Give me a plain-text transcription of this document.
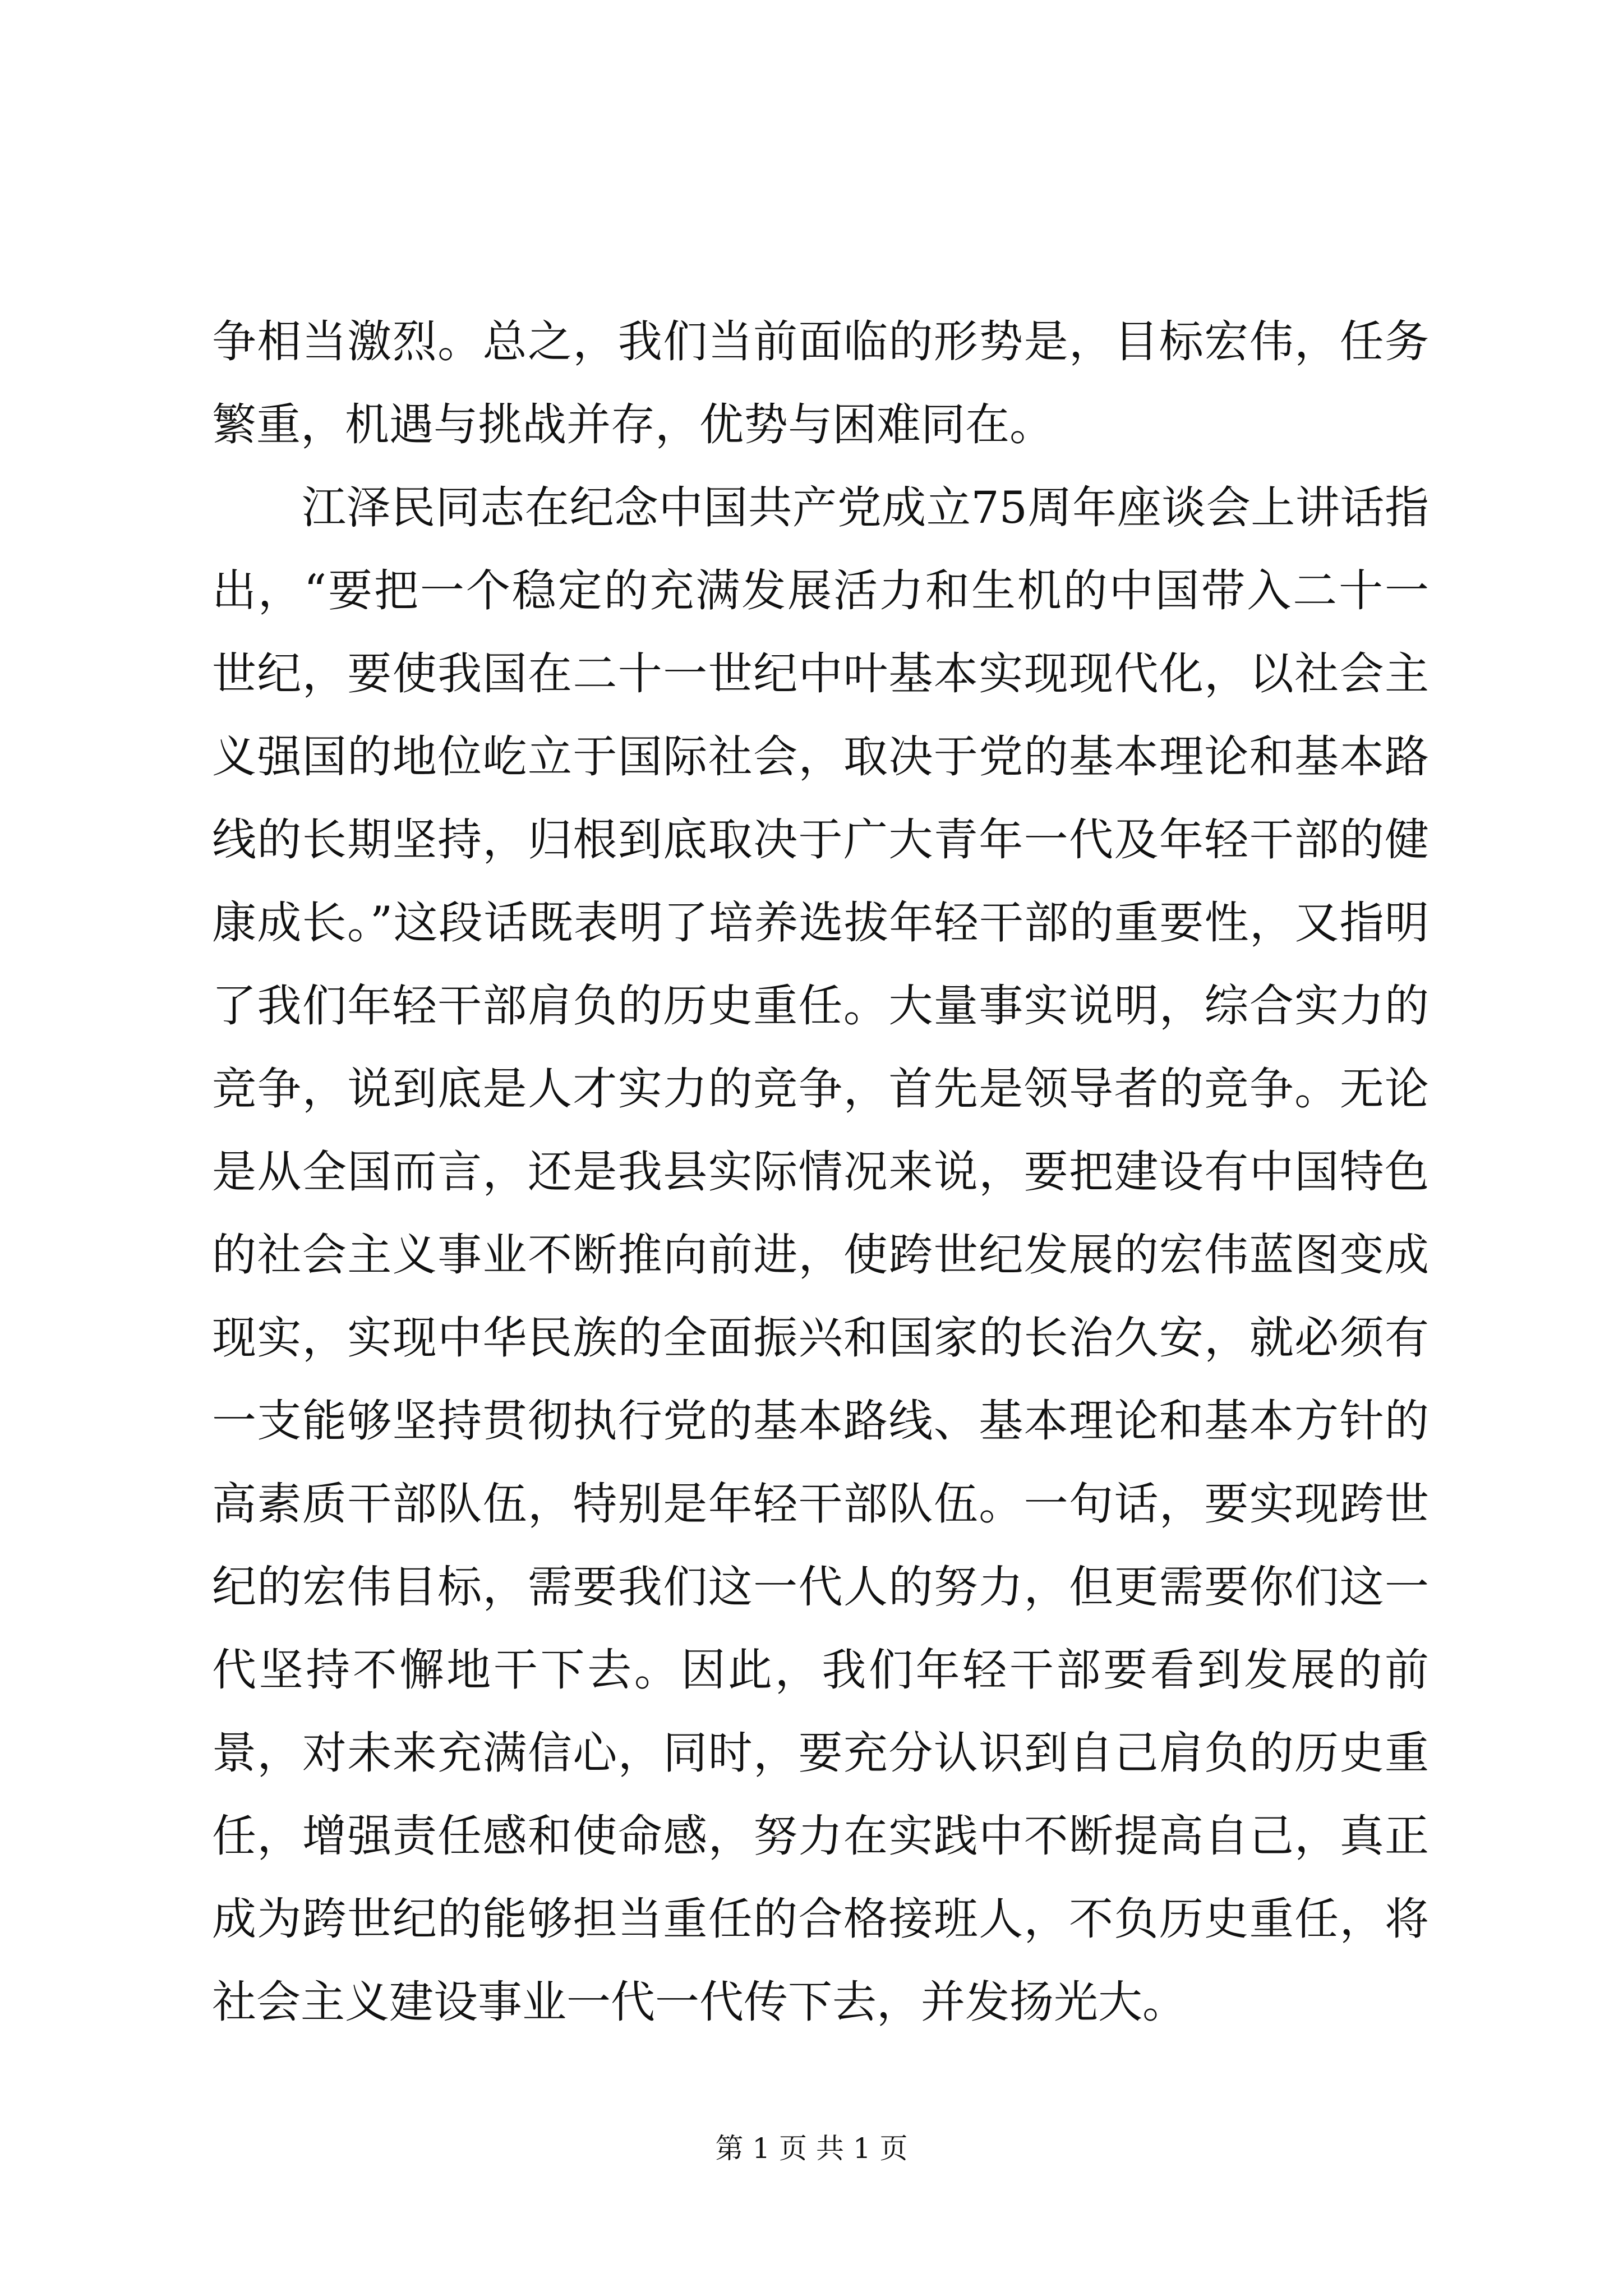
争相当激烈。总之，我们当前面临的形势是，目标宏伟，任务繁重，机遇与挑战并存，优势与困难同在。

江泽民同志在纪念中国共产党成立75周年座谈会上讲话指出，“要把一个稳定的充满发展活力和生机的中国带入二十一世纪，要使我国在二十一世纪中叶基本实现现代化，以社会主义强国的地位屹立于国际社会，取决于党的基本理论和基本路线的长期坚持，归根到底取决于广大青年一代及年轻干部的健康成长。”这段话既表明了培养选拔年轻干部的重要性，又指明了我们年轻干部肩负的历史重任。大量事实说明，综合实力的竞争，说到底是人才实力的竞争，首先是领导者的竞争。无论是从全国而言，还是我县实际情况来说，要把建设有中国特色的社会主义事业不断推向前进，使跨世纪发展的宏伟蓝图变成现实，实现中华民族的全面振兴和国家的长治久安，就必须有一支能够坚持贯彻执行党的基本路线、基本理论和基本方针的高素质干部队伍，特别是年轻干部队伍。一句话，要实现跨世纪的宏伟目标，需要我们这一代人的努力，但更需要你们这一代坚持不懈地干下去。因此，我们年轻干部要看到发展的前景，对未来充满信心，同时，要充分认识到自己肩负的历史重任，增强责任感和使命感，努力在实践中不断提高自己，真正成为跨世纪的能够担当重任的合格接班人，不负历史重任，将社会主义建设事业一代一代传下去，并发扬光大。

第 1 页 共 1 页
